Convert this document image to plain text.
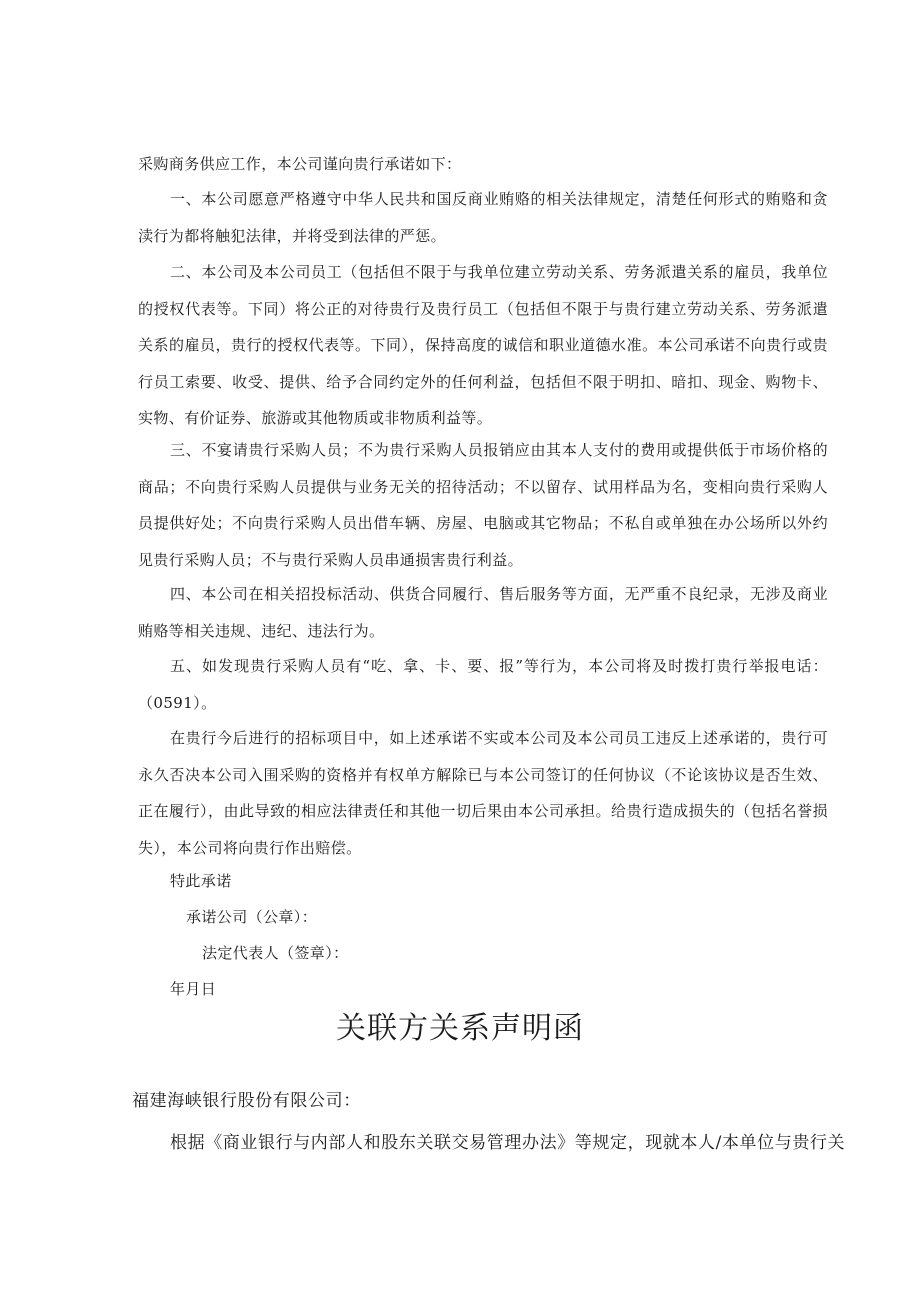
采购商务供应工作，本公司谨向贵行承诺如下：

一、本公司愿意严格遵守中华人民共和国反商业贿赂的相关法律规定，清楚任何形式的贿赂和贪渎行为都将触犯法律，并将受到法律的严惩。

二、本公司及本公司员工（包括但不限于与我单位建立劳动关系、劳务派遣关系的雇员，我单位的授权代表等。下同）将公正的对待贵行及贵行员工（包括但不限于与贵行建立劳动关系、劳务派遣关系的雇员，贵行的授权代表等。下同），保持高度的诚信和职业道德水准。本公司承诺不向贵行或贵行员工索要、收受、提供、给予合同约定外的任何利益，包括但不限于明扣、暗扣、现金、购物卡、实物、有价证券、旅游或其他物质或非物质利益等。

三、不宴请贵行采购人员；不为贵行采购人员报销应由其本人支付的费用或提供低于市场价格的商品；不向贵行采购人员提供与业务无关的招待活动；不以留存、试用样品为名，变相向贵行采购人员提供好处；不向贵行采购人员出借车辆、房屋、电脑或其它物品；不私自或单独在办公场所以外约见贵行采购人员；不与贵行采购人员串通损害贵行利益。

四、本公司在相关招投标活动、供货合同履行、售后服务等方面，无严重不良纪录，无涉及商业贿赂等相关违规、违纪、违法行为。

五、如发现贵行采购人员有“吃、拿、卡、要、报”等行为，本公司将及时拨打贵行举报电话：（0591）。

在贵行今后进行的招标项目中，如上述承诺不实或本公司及本公司员工违反上述承诺的，贵行可永久否决本公司入围采购的资格并有权单方解除已与本公司签订的任何协议（不论该协议是否生效、正在履行），由此导致的相应法律责任和其他一切后果由本公司承担。给贵行造成损失的（包括名誉损失），本公司将向贵行作出赔偿。

特此承诺

承诺公司（公章）：

法定代表人（签章）：

年月日

关联方关系声明函

福建海峡银行股份有限公司：

根据《商业银行与内部人和股东关联交易管理办法》等规定，现就本人/本单位与贵行关
